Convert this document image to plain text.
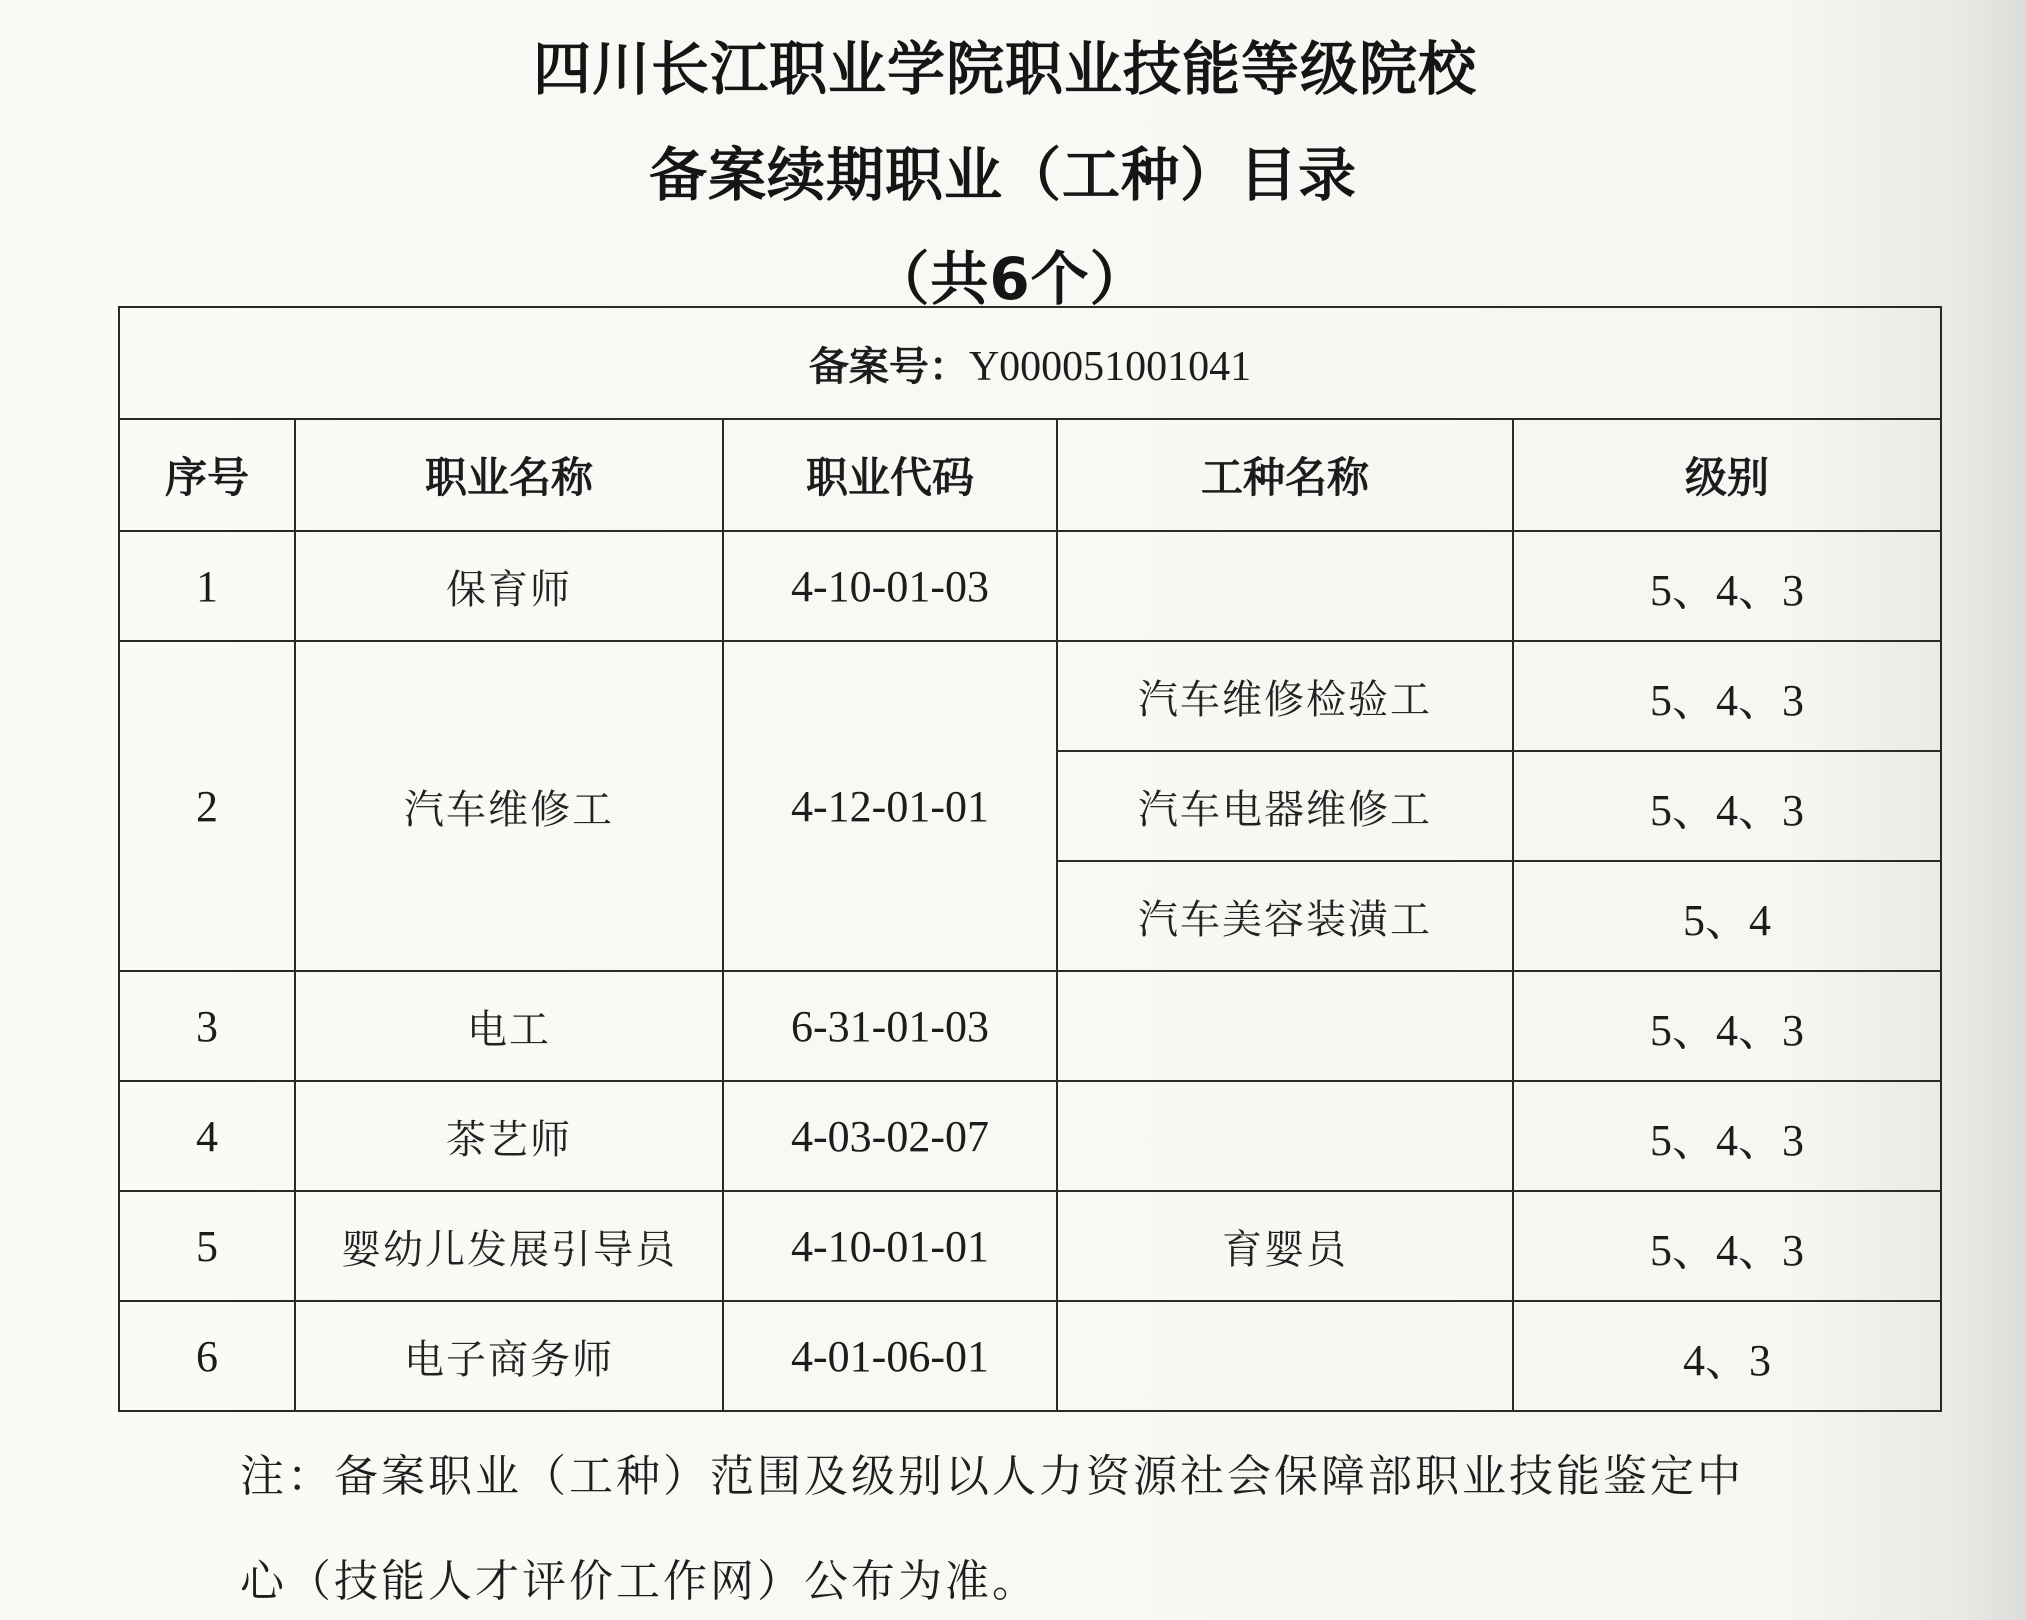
四川长江职业学院职业技能等级院校
备案续期职业（工种）目录
（共6个）
备案号：Y000051001041				
序号	职业名称	职业代码	工种名称	级别
1	保育师	4-10-01-03		5、4、3
2	汽车维修工	4-12-01-01	汽车维修检验工	5、4、3
			汽车电器维修工	5、4、3
			汽车美容装潢工	5、4
3	电工	6-31-01-03		5、4、3
4	茶艺师	4-03-02-07		5、4、3
5	婴幼儿发展引导员	4-10-01-01	育婴员	5、4、3
6	电子商务师	4-01-06-01		4、3
注：备案职业（工种）范围及级别以人力资源社会保障部职业技能鉴定中
心（技能人才评价工作网）公布为准。
